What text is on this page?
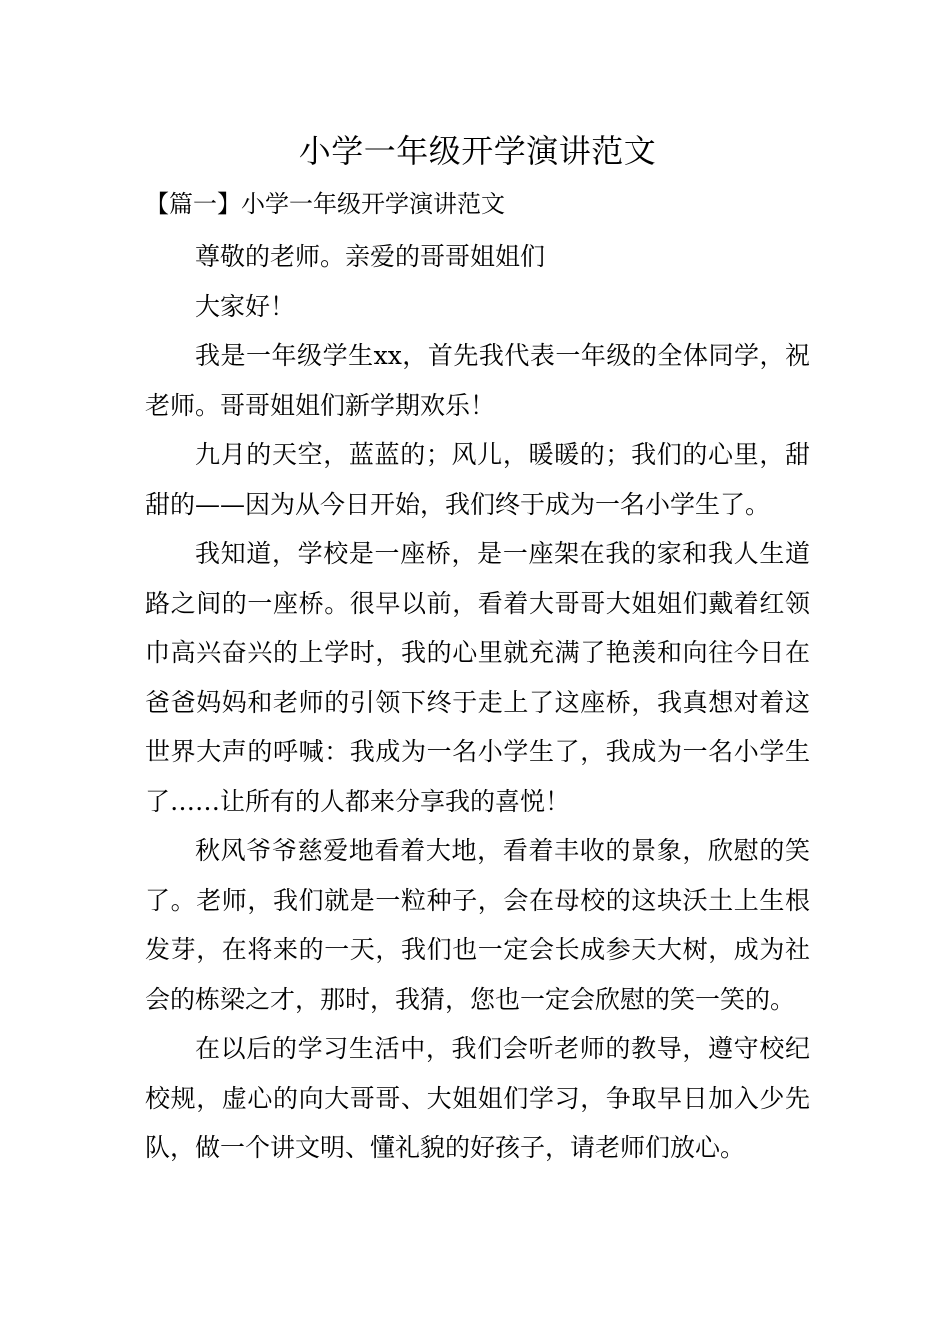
小学一年级开学演讲范文

【篇一】小学一年级开学演讲范文

尊敬的老师。亲爱的哥哥姐姐们

大家好！

我是一年级学生xx，首先我代表一年级的全体同学，祝老师。哥哥姐姐们新学期欢乐！

九月的天空，蓝蓝的；风儿，暖暖的；我们的心里，甜甜的——因为从今日开始，我们终于成为一名小学生了。

我知道，学校是一座桥，是一座架在我的家和我人生道路之间的一座桥。很早以前，看着大哥哥大姐姐们戴着红领巾高兴奋兴的上学时，我的心里就充满了艳羡和向往今日在爸爸妈妈和老师的引领下终于走上了这座桥，我真想对着这世界大声的呼喊：我成为一名小学生了，我成为一名小学生了……让所有的人都来分享我的喜悦！

秋风爷爷慈爱地看着大地，看着丰收的景象，欣慰的笑了。老师，我们就是一粒种子，会在母校的这块沃土上生根发芽，在将来的一天，我们也一定会长成参天大树，成为社会的栋梁之才，那时，我猜，您也一定会欣慰的笑一笑的。

在以后的学习生活中，我们会听老师的教导，遵守校纪校规，虚心的向大哥哥、大姐姐们学习，争取早日加入少先队，做一个讲文明、懂礼貌的好孩子，请老师们放心。
